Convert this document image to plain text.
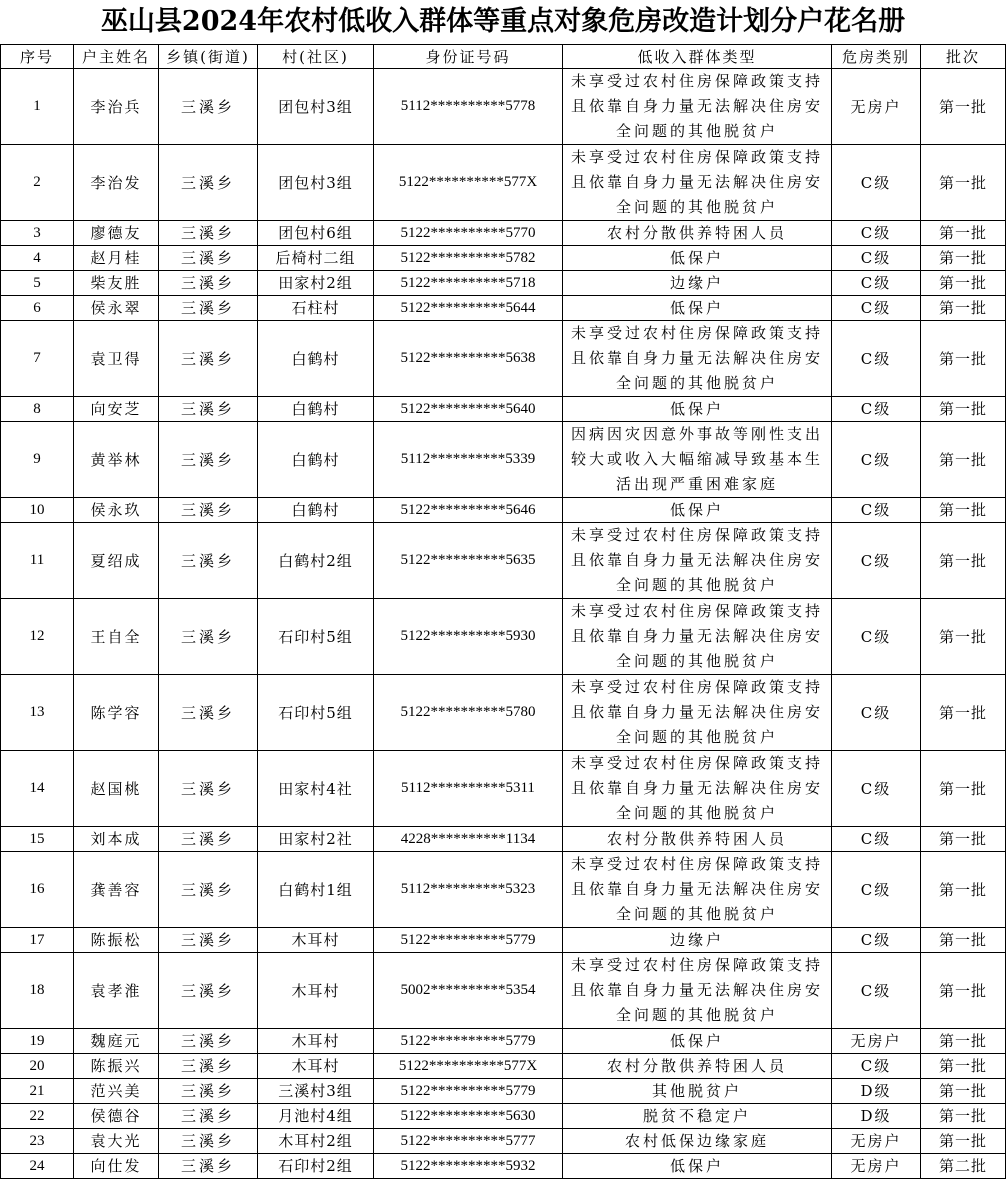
巫山县2024年农村低收入群体等重点对象危房改造计划分户花名册
序号	户主姓名	乡镇(街道)	村(社区)	身份证号码	低收入群体类型	危房类别	批次
1	李治兵	三溪乡	团包村3组	5112**********5778	未享受过农村住房保障政策支持且依靠自身力量无法解决住房安全问题的其他脱贫户	无房户	第一批
2	李治发	三溪乡	团包村3组	5122**********577X	未享受过农村住房保障政策支持且依靠自身力量无法解决住房安全问题的其他脱贫户	C级	第一批
3	廖德友	三溪乡	团包村6组	5122**********5770	农村分散供养特困人员	C级	第一批
4	赵月桂	三溪乡	后椅村二组	5122**********5782	低保户	C级	第一批
5	柴友胜	三溪乡	田家村2组	5122**********5718	边缘户	C级	第一批
6	侯永翠	三溪乡	石柱村	5122**********5644	低保户	C级	第一批
7	袁卫得	三溪乡	白鹤村	5122**********5638	未享受过农村住房保障政策支持且依靠自身力量无法解决住房安全问题的其他脱贫户	C级	第一批
8	向安芝	三溪乡	白鹤村	5122**********5640	低保户	C级	第一批
9	黄举林	三溪乡	白鹤村	5112**********5339	因病因灾因意外事故等刚性支出较大或收入大幅缩减导致基本生活出现严重困难家庭	C级	第一批
10	侯永玖	三溪乡	白鹤村	5122**********5646	低保户	C级	第一批
11	夏绍成	三溪乡	白鹤村2组	5122**********5635	未享受过农村住房保障政策支持且依靠自身力量无法解决住房安全问题的其他脱贫户	C级	第一批
12	王自全	三溪乡	石印村5组	5122**********5930	未享受过农村住房保障政策支持且依靠自身力量无法解决住房安全问题的其他脱贫户	C级	第一批
13	陈学容	三溪乡	石印村5组	5122**********5780	未享受过农村住房保障政策支持且依靠自身力量无法解决住房安全问题的其他脱贫户	C级	第一批
14	赵国桃	三溪乡	田家村4社	5112**********5311	未享受过农村住房保障政策支持且依靠自身力量无法解决住房安全问题的其他脱贫户	C级	第一批
15	刘本成	三溪乡	田家村2社	4228**********1134	农村分散供养特困人员	C级	第一批
16	龚善容	三溪乡	白鹤村1组	5112**********5323	未享受过农村住房保障政策支持且依靠自身力量无法解决住房安全问题的其他脱贫户	C级	第一批
17	陈振松	三溪乡	木耳村	5122**********5779	边缘户	C级	第一批
18	袁孝淮	三溪乡	木耳村	5002**********5354	未享受过农村住房保障政策支持且依靠自身力量无法解决住房安全问题的其他脱贫户	C级	第一批
19	魏庭元	三溪乡	木耳村	5122**********5779	低保户	无房户	第一批
20	陈振兴	三溪乡	木耳村	5122**********577X	农村分散供养特困人员	C级	第一批
21	范兴美	三溪乡	三溪村3组	5122**********5779	其他脱贫户	D级	第一批
22	侯德谷	三溪乡	月池村4组	5122**********5630	脱贫不稳定户	D级	第一批
23	袁大光	三溪乡	木耳村2组	5122**********5777	农村低保边缘家庭	无房户	第一批
24	向仕发	三溪乡	石印村2组	5122**********5932	低保户	无房户	第二批
